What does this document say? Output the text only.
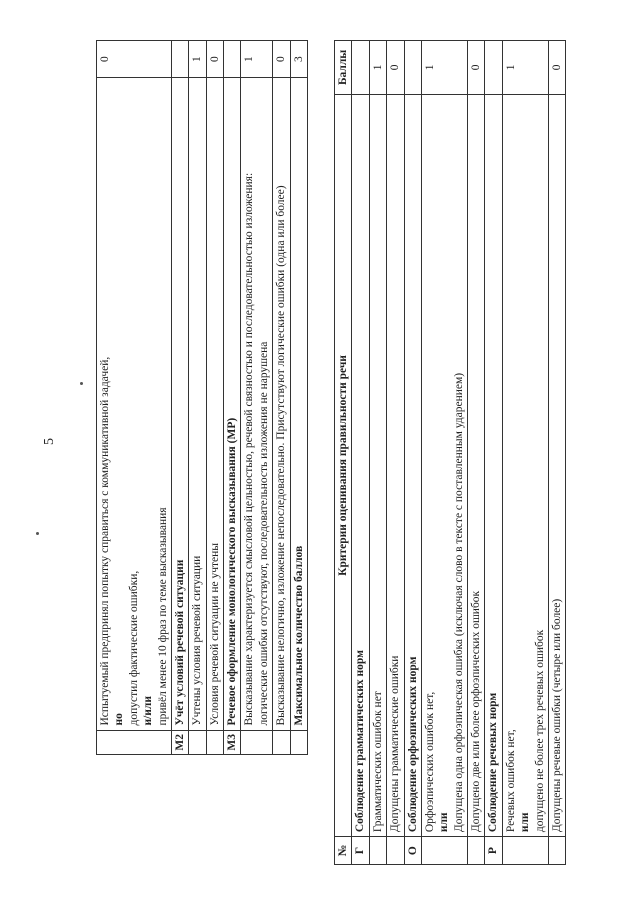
5

	Испытуемый предпринял попытку справиться с коммуникативной задачей, но допустил фактические ошибки, и/или привёл менее 10 фраз по теме высказывания	0
М2	Учёт условий речевой ситуации	

	Учтены условия речевой ситуации	1

	Условия речевой ситуации не учтены	0
М3	Речевое оформление монологического высказывания (МР)	

	Высказывание характеризуется смысловой цельностью, речевой связностью и последовательностью изложения: логические ошибки отсутствуют, последовательность изложения не нарушена	1

	Высказывание нелогично, изложение непоследовательно. Присутствуют логические ошибки (одна или более)	0

	Максимальное количество баллов	3
№	Критерии оценивания правильности речи	Баллы
Г	Соблюдение грамматических норм	

	Грамматических ошибок нет	1

	Допущены грамматические ошибки	0
О	Соблюдение орфоэпических норм	

	Орфоэпических ошибок нет, или Допущена одна орфоэпическая ошибка (исключая слово в тексте с поставленным ударением)	1

	Допущено две или более орфоэпических ошибок	0
Р	Соблюдение речевых норм	

	Речевых ошибок нет, или допущено не более трех речевых ошибок	1

	Допущены речевые ошибки (четыре или более)	0
